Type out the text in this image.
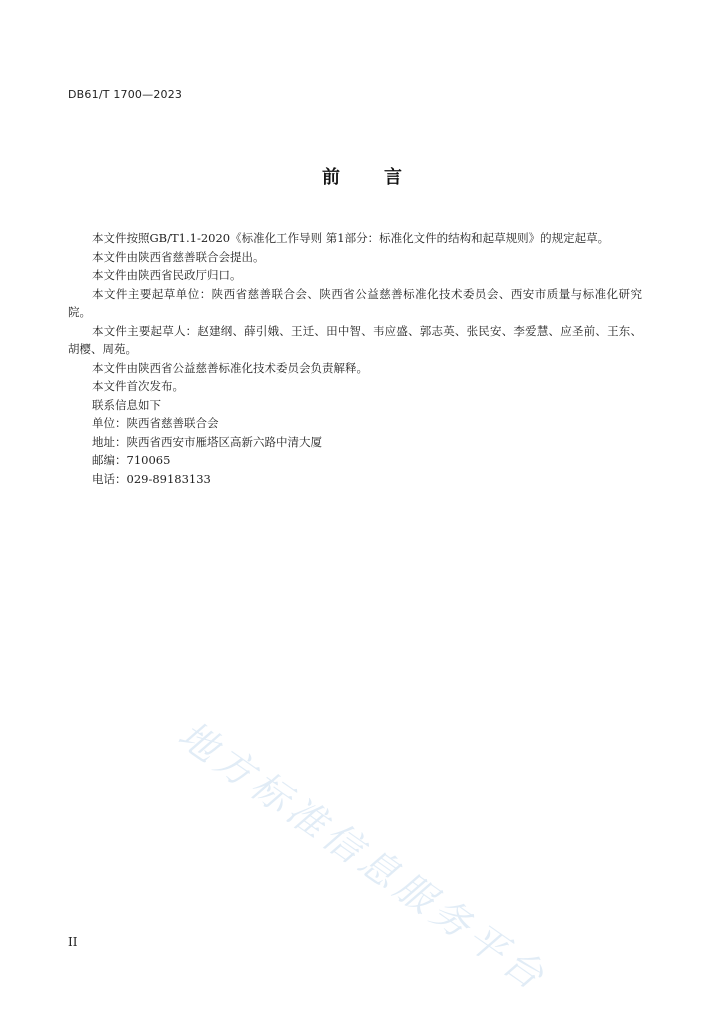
DB61/T 1700—2023
前 言

本文件按照GB/T1.1-2020《标准化工作导则 第1部分：标准化文件的结构和起草规则》的规定起草。

本文件由陕西省慈善联合会提出。

本文件由陕西省民政厅归口。

本文件主要起草单位：陕西省慈善联合会、陕西省公益慈善标准化技术委员会、西安市质量与标准化研究院。

本文件主要起草人：赵建纲、薛引娥、王迁、田中智、韦应盛、郭志英、张民安、李爱慧、应圣前、王东、胡樱、周苑。

本文件由陕西省公益慈善标准化技术委员会负责解释。

本文件首次发布。

联系信息如下

单位：陕西省慈善联合会

地址：陕西省西安市雁塔区高新六路中清大厦

邮编：710065

电话：029-89183133

地方标准信息服务平台
II
